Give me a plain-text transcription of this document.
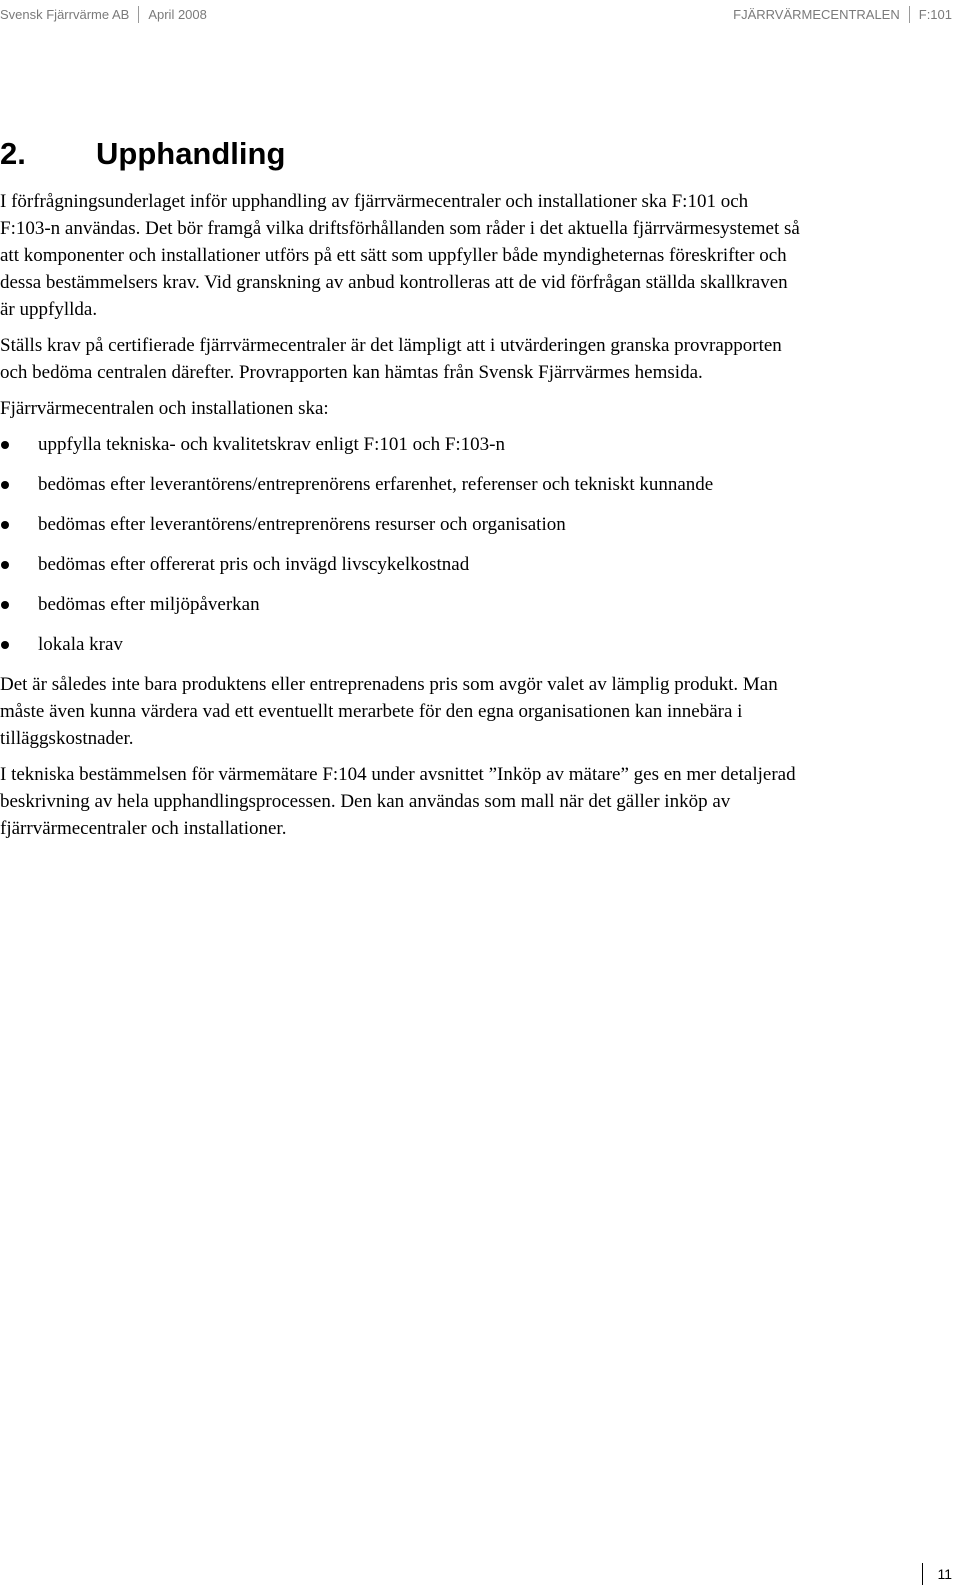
Svensk Fjärrvärme AB April 2008	FJÄRRVÄRMECENTRALEN F:101
2.	Upphandling

I förfrågningsunderlaget inför upphandling av fjärrvärmecentraler och installationer ska F:101 och F:103-n användas. Det bör framgå vilka driftsförhållanden som råder i det aktuella fjärrvärmesystemet så att komponenter och installationer utförs på ett sätt som uppfyller både myndigheternas föreskrifter och dessa bestämmelsers krav. Vid granskning av anbud kontrolleras att de vid förfrågan ställda skallkraven är uppfyllda.

Ställs krav på certifierade fjärrvärmecentraler är det lämpligt att i utvärderingen granska provrapporten och bedöma centralen därefter. Provrapporten kan hämtas från Svensk Fjärrvärmes hemsida.

Fjärrvärmecentralen och installationen ska:

uppfylla tekniska- och kvalitetskrav enligt F:101 och F:103-n
bedömas efter leverantörens/entreprenörens erfarenhet, referenser och tekniskt kunnande
bedömas efter leverantörens/entreprenörens resurser och organisation
bedömas efter offererat pris och invägd livscykelkostnad
bedömas efter miljöpåverkan
lokala krav

Det är således inte bara produktens eller entreprenadens pris som avgör valet av lämplig produkt. Man måste även kunna värdera vad ett eventuellt merarbete för den egna organisationen kan innebära i tilläggskostnader.

I tekniska bestämmelsen för värmemätare F:104 under avsnittet ”Inköp av mätare” ges en mer detaljerad beskrivning av hela upphandlingsprocessen. Den kan användas som mall när det gäller inköp av fjärrvärmecentraler och installationer.

11
